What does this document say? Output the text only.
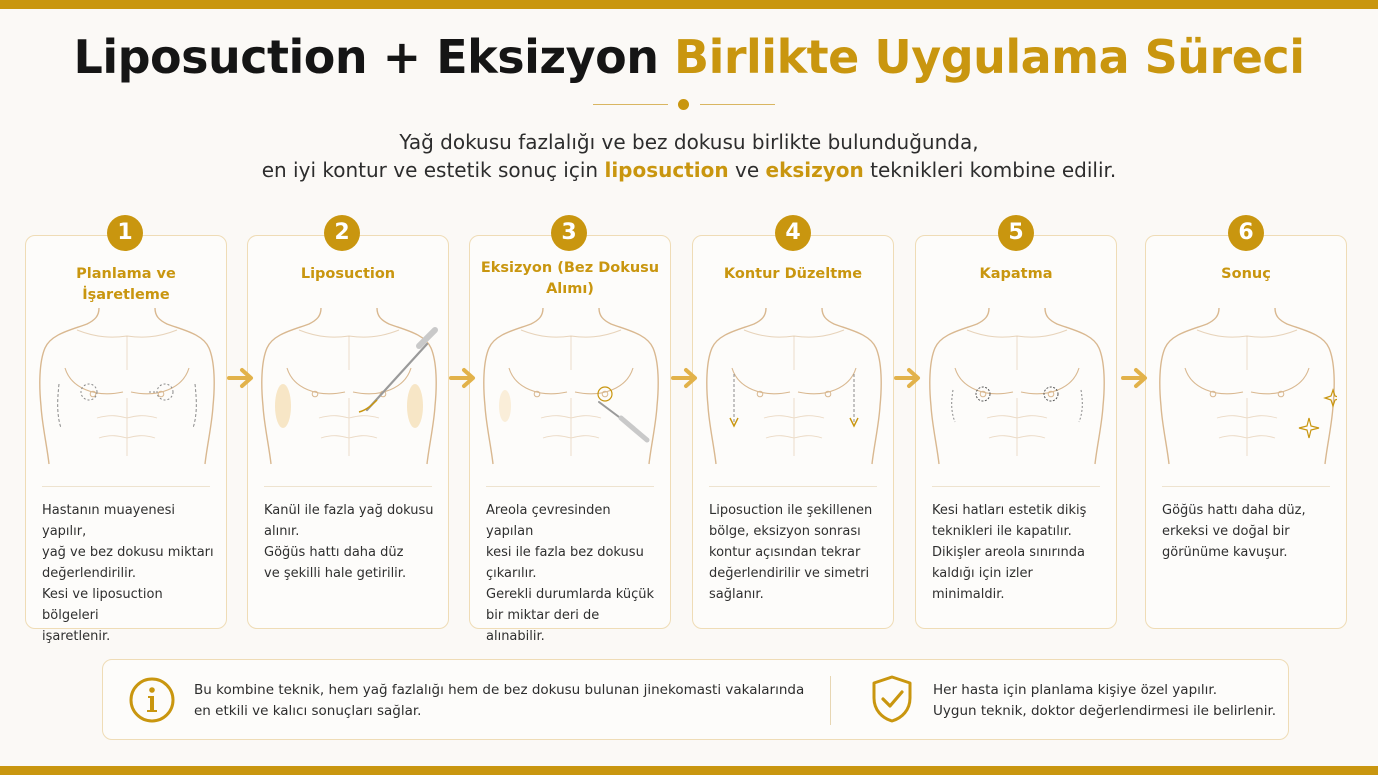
Liposuction + Eksizyon Birlikte Uygulama Süreci
Yağ dokusu fazlalığı ve bez dokusu birlikte bulunduğunda,
en iyi kontur ve estetik sonuç için liposuction ve eksizyon teknikleri kombine edilir.
Planlama ve İşaretleme
Hastanın muayenesi yapılır,
yağ ve bez dokusu miktarı
değerlendirilir.
Kesi ve liposuction bölgeleri
işaretlenir.
Liposuction
Kanül ile fazla yağ dokusu
alınır.
Göğüs hattı daha düz
ve şekilli hale getirilir.
Eksizyon (Bez Dokusu
Alımı)
Areola çevresinden yapılan
kesi ile fazla bez dokusu
çıkarılır.
Gerekli durumlarda küçük
bir miktar deri de alınabilir.
Kontur Düzeltme
Liposuction ile şekillenen
bölge, eksizyon sonrası
kontur açısından tekrar
değerlendirilir ve simetri
sağlanır.
Kapatma
Kesi hatları estetik dikiş
teknikleri ile kapatılır.
Dikişler areola sınırında
kaldığı için izler minimaldir.
Sonuç
Göğüs hattı daha düz,
erkeksi ve doğal bir
görünüme kavuşur.
1	2	3	4	5	6
Bu kombine teknik, hem yağ fazlalığı hem de bez dokusu bulunan jinekomasti vakalarında
en etkili ve kalıcı sonuçları sağlar.
Her hasta için planlama kişiye özel yapılır.
Uygun teknik, doktor değerlendirmesi ile belirlenir.
